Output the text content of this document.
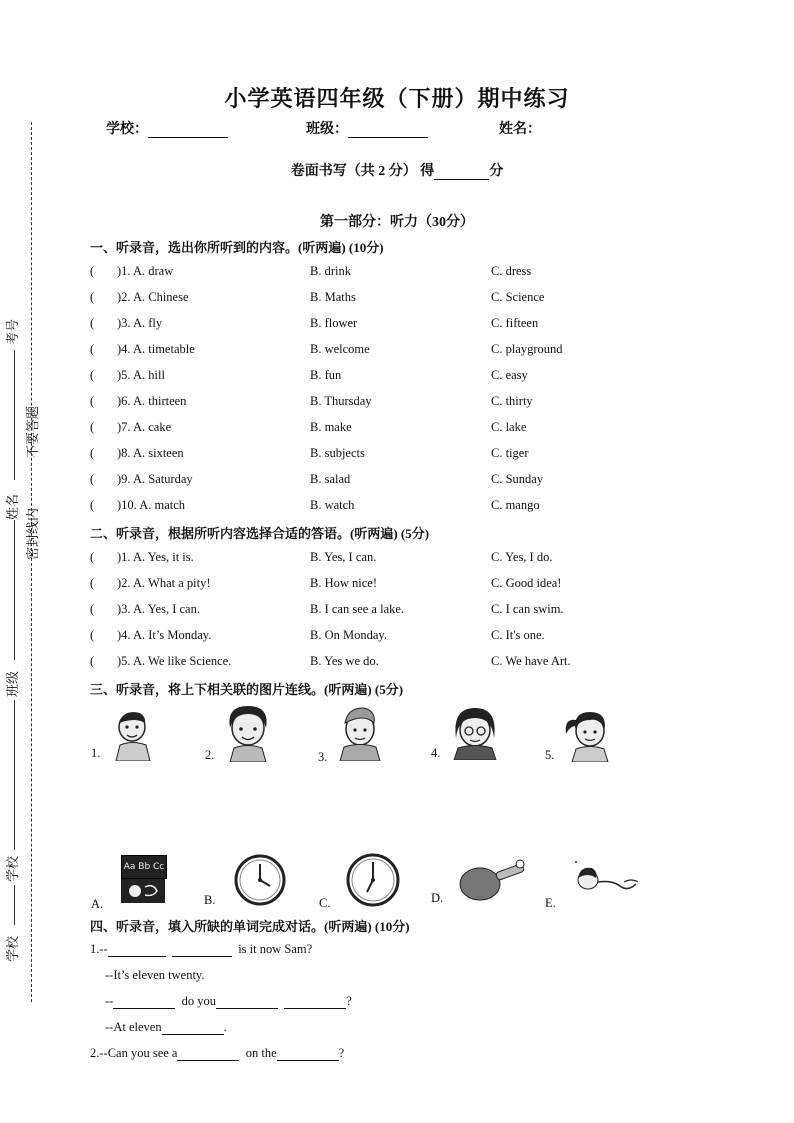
小学英语四年级（下册）期中练习
学校：	班级：	姓名：
卷面书写（共 2 分） 得	分
第一部分：听力（30分）
一、听录音，选出你所听到的内容。(听两遍) (10分)
( )1. A. draw	B. drink	C. dress
( )2. A. Chinese	B. Maths	C. Science
( )3. A. fly	B. flower	C. fifteen
( )4. A. timetable	B. welcome	C. playground
( )5. A. hill	B. fun	C. easy
( )6. A. thirteen	B. Thursday	C. thirty
( )7. A. cake	B. make	C. lake
( )8. A. sixteen	B. subjects	C. tiger
( )9. A. Saturday	B. salad	C. Sunday
( )10. A. match	B. watch	C. mango
二、听录音，根据所听内容选择合适的答语。(听两遍) (5分)
( )1. A. Yes, it is.	B. Yes, I can.	C. Yes, I do.
( )2. A. What a pity!	B. How nice!	C. Good idea!
( )3. A. Yes, I can.	B. I can see a lake.	C. I can swim.
( )4. A. It’s Monday.	B. On Monday.	C. It's one.
( )5. A. We like Science.	B. Yes we do.	C. We have Art.
三、听录音，将上下相关联的图片连线。(听两遍) (5分)
1.	2.	3.	4.	5.
A.
Aa Bb Cc
B.	C.	D.	E.
四、听录音，填入所缺的单词完成对话。(听两遍) (10分)
1.--	is it now Sam?
--It’s eleven twenty.
--	do you	?
--At eleven	.
2.--Can you see a	on the	?
考号
不要答题
姓名
密封线内
班级
学校
学校
